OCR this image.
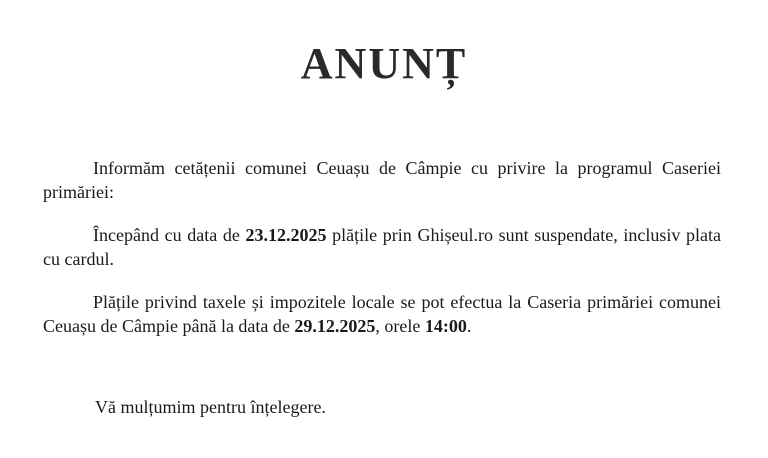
ANUNȚ

Informăm cetățenii comunei Ceuașu de Câmpie cu privire la programul Caseriei primăriei:

Începând cu data de 23.12.2025 plățile prin Ghișeul.ro sunt suspendate, inclusiv plata cu cardul.

Plățile privind taxele și impozitele locale se pot efectua la Caseria primăriei comunei Ceuașu de Câmpie până la data de 29.12.2025, orele 14:00.

Vă mulțumim pentru înțelegere.
